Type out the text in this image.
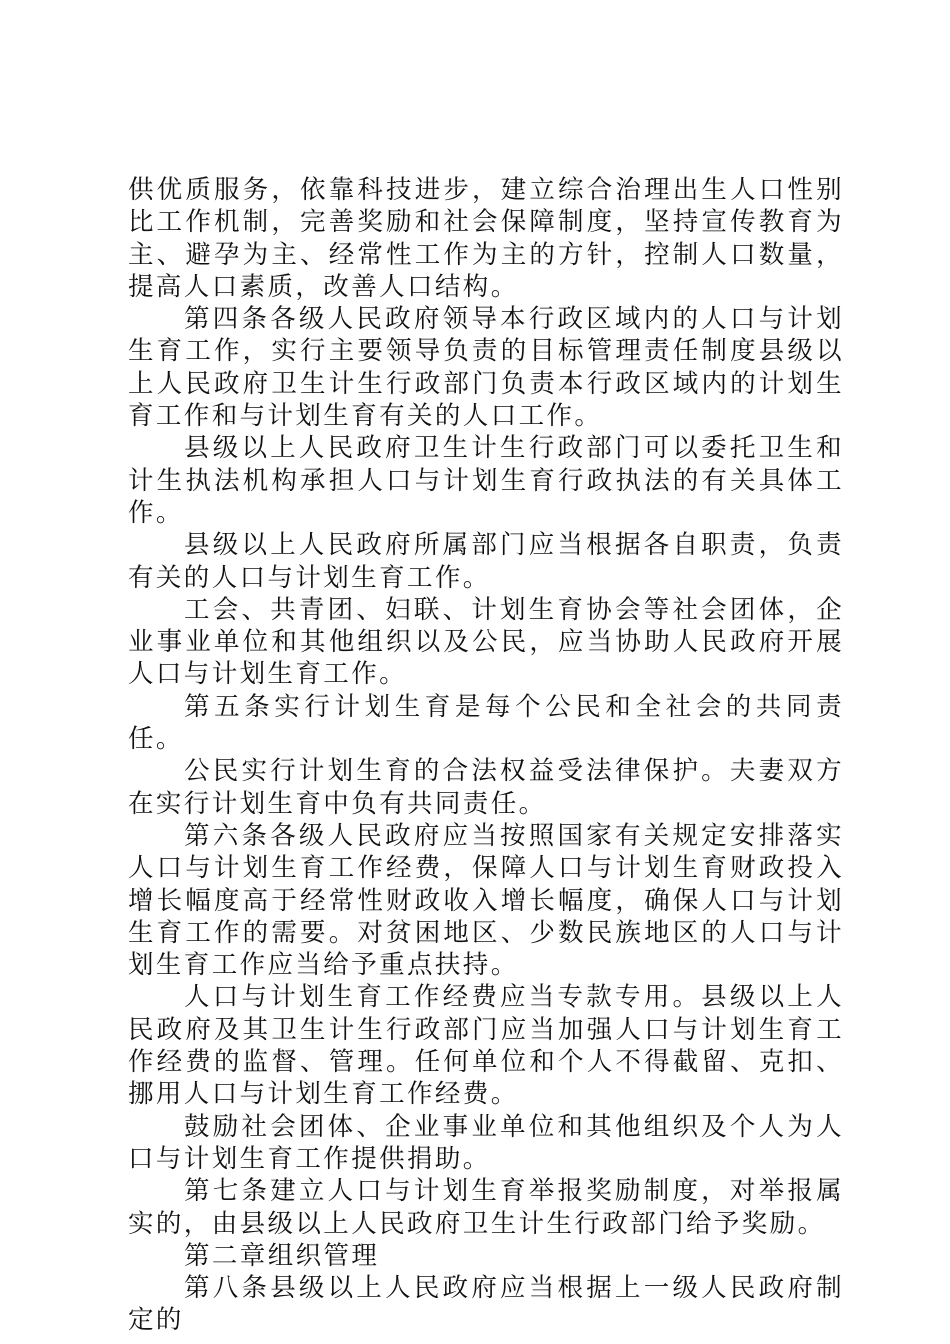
供优质服务，依靠科技进步，建立综合治理出生人口性别比工作机制，完善奖励和社会保障制度，坚持宣传教育为主、避孕为主、经常性工作为主的方针，控制人口数量，提高人口素质，改善人口结构。

第四条各级人民政府领导本行政区域内的人口与计划生育工作，实行主要领导负责的目标管理责任制度县级以上人民政府卫生计生行政部门负责本行政区域内的计划生育工作和与计划生育有关的人口工作。

县级以上人民政府卫生计生行政部门可以委托卫生和计生执法机构承担人口与计划生育行政执法的有关具体工作。

县级以上人民政府所属部门应当根据各自职责，负责有关的人口与计划生育工作。

工会、共青团、妇联、计划生育协会等社会团体，企业事业单位和其他组织以及公民，应当协助人民政府开展人口与计划生育工作。

第五条实行计划生育是每个公民和全社会的共同责任。

公民实行计划生育的合法权益受法律保护。夫妻双方在实行计划生育中负有共同责任。

第六条各级人民政府应当按照国家有关规定安排落实人口与计划生育工作经费，保障人口与计划生育财政投入增长幅度高于经常性财政收入增长幅度，确保人口与计划生育工作的需要。对贫困地区、少数民族地区的人口与计划生育工作应当给予重点扶持。

人口与计划生育工作经费应当专款专用。县级以上人民政府及其卫生计生行政部门应当加强人口与计划生育工作经费的监督、管理。任何单位和个人不得截留、克扣、挪用人口与计划生育工作经费。

鼓励社会团体、企业事业单位和其他组织及个人为人口与计划生育工作提供捐助。

第七条建立人口与计划生育举报奖励制度，对举报属实的，由县级以上人民政府卫生计生行政部门给予奖励。

第二章组织管理

第八条县级以上人民政府应当根据上一级人民政府制定的
